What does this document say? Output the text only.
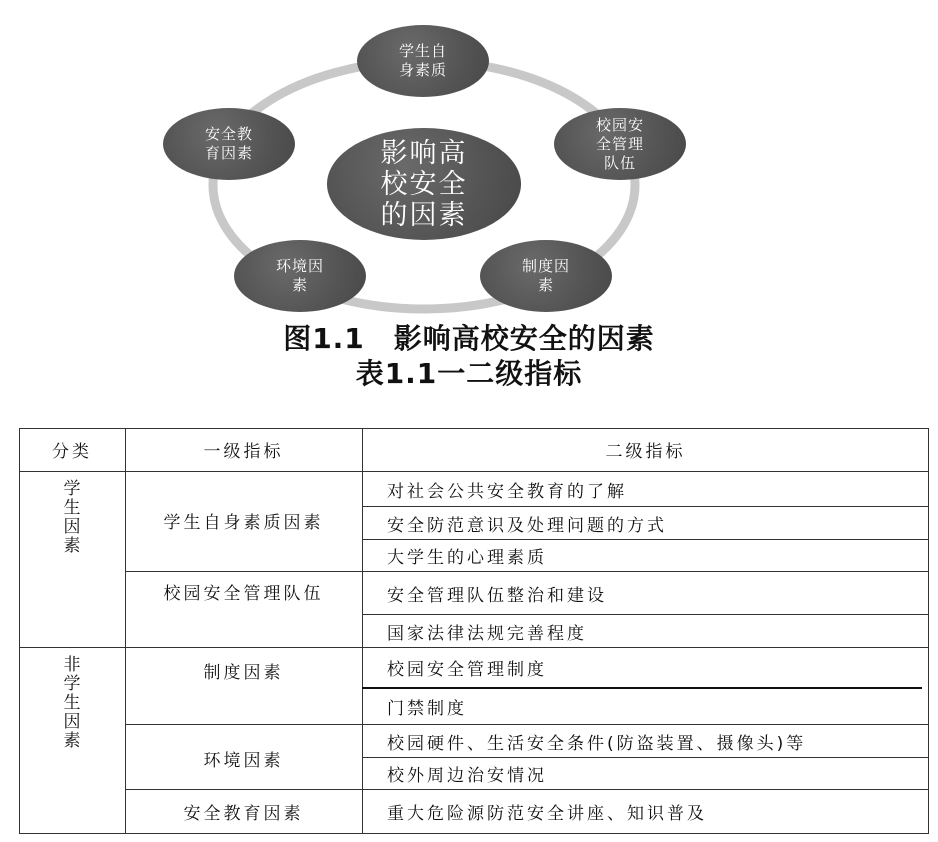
影响高
校安全
的因素
学生自
身素质
校园安
全管理
队伍
制度因
素
环境因
素
安全教
育因素
图1.1　影响高校安全的因素
表1.1一二级指标
分类	一级指标	二级指标
学
生
因
素
非
学
生
因
素
学生自身素质因素
校园安全管理队伍
制度因素
环境因素
安全教育因素
对社会公共安全教育的了解
安全防范意识及处理问题的方式
大学生的心理素质
安全管理队伍整治和建设
国家法律法规完善程度
校园安全管理制度
门禁制度
校园硬件、生活安全条件(防盗装置、摄像头)等
校外周边治安情况
重大危险源防范安全讲座、知识普及
